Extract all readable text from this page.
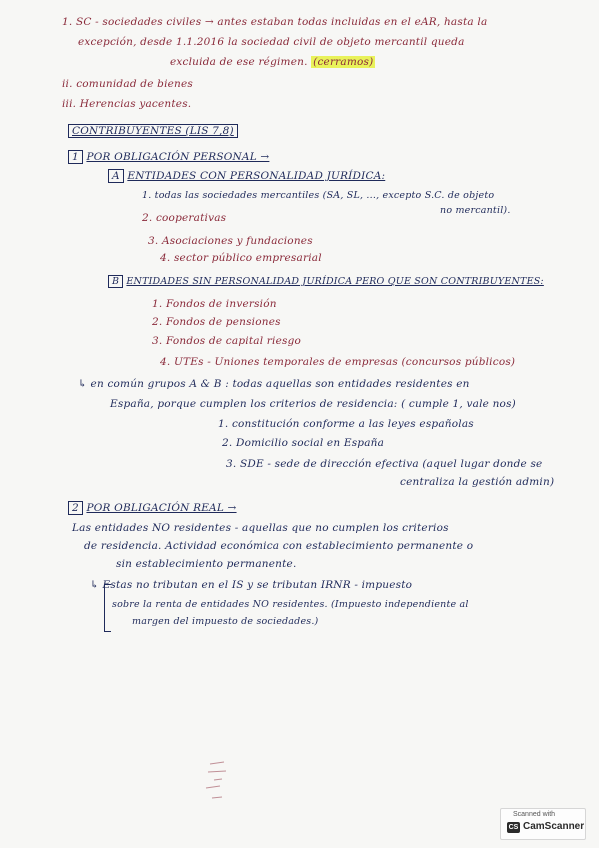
1. SC - sociedades civiles → antes estaban todas incluidas en el eAR, hasta la
excepción, desde 1.1.2016 la sociedad civil de objeto mercantil queda
excluida de ese régimen. (cerramos)
ii. comunidad de bienes
iii. Herencias yacentes.
CONTRIBUYENTES (LIS 7,8)
1 POR OBLIGACIÓN PERSONAL →
A ENTIDADES CON PERSONALIDAD JURÍDICA:
1. todas las sociedades mercantiles (SA, SL, ..., excepto S.C. de objeto
no mercantil).
2. cooperativas
3. Asociaciones y fundaciones
4. sector público empresarial
B ENTIDADES SIN PERSONALIDAD JURÍDICA PERO QUE SON CONTRIBUYENTES:
1. Fondos de inversión
2. Fondos de pensiones
3. Fondos de capital riesgo
4. UTEs - Uniones temporales de empresas (concursos públicos)
↳ en común grupos A & B : todas aquellas son entidades residentes en
España, porque cumplen los criterios de residencia: ( cumple 1, vale nos)
1. constitución conforme a las leyes españolas
2. Domicilio social en España
3. SDE - sede de dirección efectiva (aquel lugar donde se
centraliza la gestión admin)
2 POR OBLIGACIÓN REAL →
Las entidades NO residentes - aquellas que no cumplen los criterios
de residencia. Actividad económica con establecimiento permanente o
sin establecimiento permanente.
↳ Estas no tributan en el IS y se tributan IRNR - impuesto
sobre la renta de entidades NO residentes. (Impuesto independiente al
margen del impuesto de sociedades.)
Scanned with
CS CamScanner
